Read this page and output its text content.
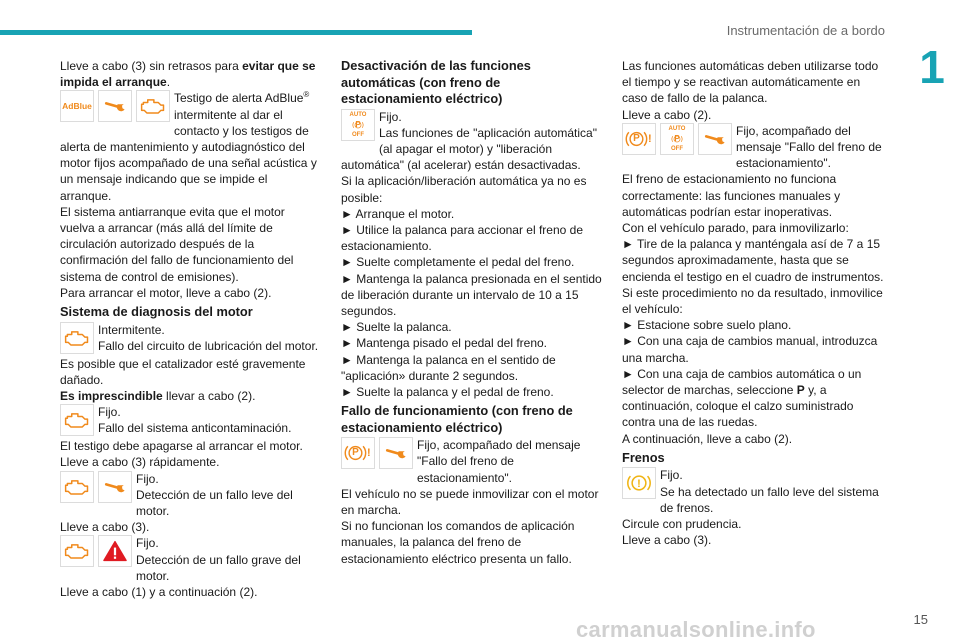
Instrumentación de a bordo
1

Lleve a cabo (3) sin retrasos para evitar que se impida el arranque.

AdBlue

Testigo de alerta AdBlue® intermitente al dar el contacto y los testigos de alerta de mantenimiento y autodiagnóstico del motor fijos acompañado de una señal acústica y un mensaje indicando que se impide el arranque.

El sistema antiarranque evita que el motor vuelva a arrancar (más allá del límite de circulación autorizado después de la confirmación del fallo de funcionamiento del sistema de control de emisiones).

Para arrancar el motor, lleve a cabo (2).

Sistema de diagnosis del motor

Intermitente.

Fallo del circuito de lubricación del motor.

Es posible que el catalizador esté gravemente dañado.

Es imprescindible llevar a cabo (2).

Fijo.

Fallo del sistema anticontaminación.

El testigo debe apagarse al arrancar el motor.

Lleve a cabo (3) rápidamente.

Fijo.

Detección de un fallo leve del motor.

Lleve a cabo (3).

Fijo.

Detección de un fallo grave del motor.

Lleve a cabo (1) y a continuación (2).

Desactivación de las funciones automáticas (con freno de estacionamiento eléctrico)
AUTO
P
OFF

Fijo.

Las funciones de "aplicación automática" (al apagar el motor) y "liberación automática" (al acelerar) están desactivadas.

Si la aplicación/liberación automática ya no es posible:

► Arranque el motor.

► Utilice la palanca para accionar el freno de estacionamiento.

► Suelte completamente el pedal del freno.

► Mantenga la palanca presionada en el sentido de liberación durante un intervalo de 10 a 15 segundos.

► Suelte la palanca.

► Mantenga pisado el pedal del freno.

► Mantenga la palanca en el sentido de "aplicación» durante 2 segundos.

► Suelte la palanca y el pedal de freno.

Fallo de funcionamiento (con freno de estacionamiento eléctrico)
P !

Fijo, acompañado del mensaje "Fallo del freno de estacionamiento".

El vehículo no se puede inmovilizar con el motor en marcha.

Si no funcionan los comandos de aplicación manuales, la palanca del freno de estacionamiento eléctrico presenta un fallo.

Las funciones automáticas deben utilizarse todo el tiempo y se reactivan automáticamente en caso de fallo de la palanca.

Lleve a cabo (2).

P !
AUTO
P
OFF

Fijo, acompañado del mensaje "Fallo del freno de estacionamiento".

El freno de estacionamiento no funciona correctamente: las funciones manuales y automáticas podrían estar inoperativas.

Con el vehículo parado, para inmovilizarlo:

► Tire de la palanca y manténgala así de 7 a 15 segundos aproximadamente, hasta que se encienda el testigo en el cuadro de instrumentos.

Si este procedimiento no da resultado, inmovilice el vehículo:

► Estacione sobre suelo plano.

► Con una caja de cambios manual, introduzca una marcha.

► Con una caja de cambios automática o un selector de marchas, seleccione P y, a continuación, coloque el calzo suministrado contra una de las ruedas.

A continuación, lleve a cabo (2).

Frenos
!

Fijo.

Se ha detectado un fallo leve del sistema de frenos.

Circule con prudencia.

Lleve a cabo (3).

carmanualsonline.info	15
